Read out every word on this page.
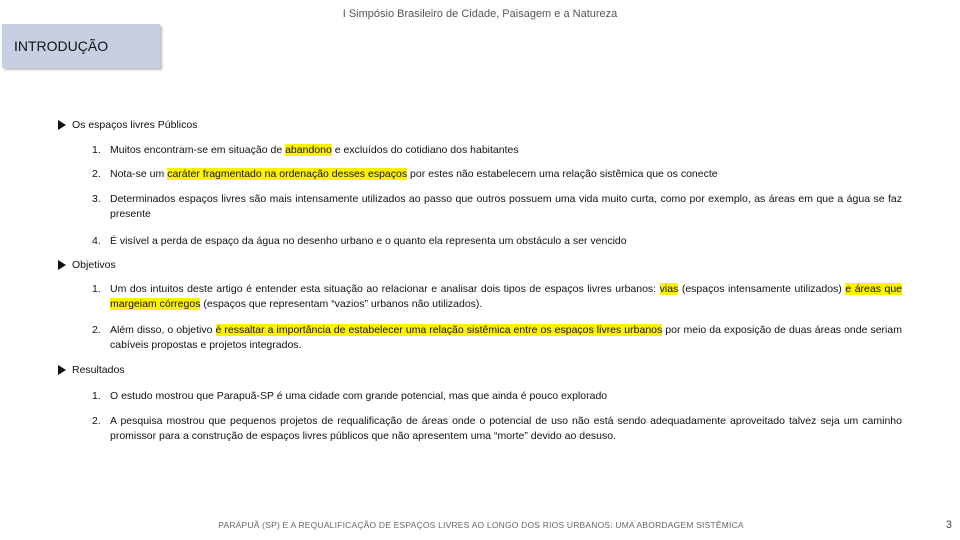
I Simpósio Brasileiro de Cidade, Paisagem e a Natureza
INTRODUÇÃO
Os espaços livres Públicos
1. Muitos encontram-se em situação de abandono e excluídos do cotidiano dos habitantes
2. Nota-se um caráter fragmentado na ordenação desses espaços por estes não estabelecem uma relação sistêmica que os conecte
3. Determinados espaços livres são mais intensamente utilizados ao passo que outros possuem uma vida muito curta, como por exemplo, as áreas em que a água se faz presente
4. É visível a perda de espaço da água no desenho urbano e o quanto ela representa um obstáculo a ser vencido
Objetivos
1. Um dos intuitos deste artigo é entender esta situação ao relacionar e analisar dois tipos de espaços livres urbanos: vias (espaços intensamente utilizados) e áreas que margeiam córregos (espaços que representam “vazios” urbanos não utilizados).
2. Além disso, o objetivo é ressaltar a importância de estabelecer uma relação sistêmica entre os espaços livres urbanos por meio da exposição de duas áreas onde seriam cabíveis propostas e projetos integrados.
Resultados
1. O estudo mostrou que Parapuã-SP é uma cidade com grande potencial, mas que ainda é pouco explorado
2. A pesquisa mostrou que pequenos projetos de requalificação de áreas onde o potencial de uso não está sendo adequadamente aproveitado talvez seja um caminho promissor para a construção de espaços livres públicos que não apresentem uma “morte” devido ao desuso.
PARAPUÃ (SP) E A REQUALIFICAÇÃO DE ESPAÇOS LIVRES AO LONGO DOS RIOS URBANOS: UMA ABORDAGEM SISTÊMICA	3
